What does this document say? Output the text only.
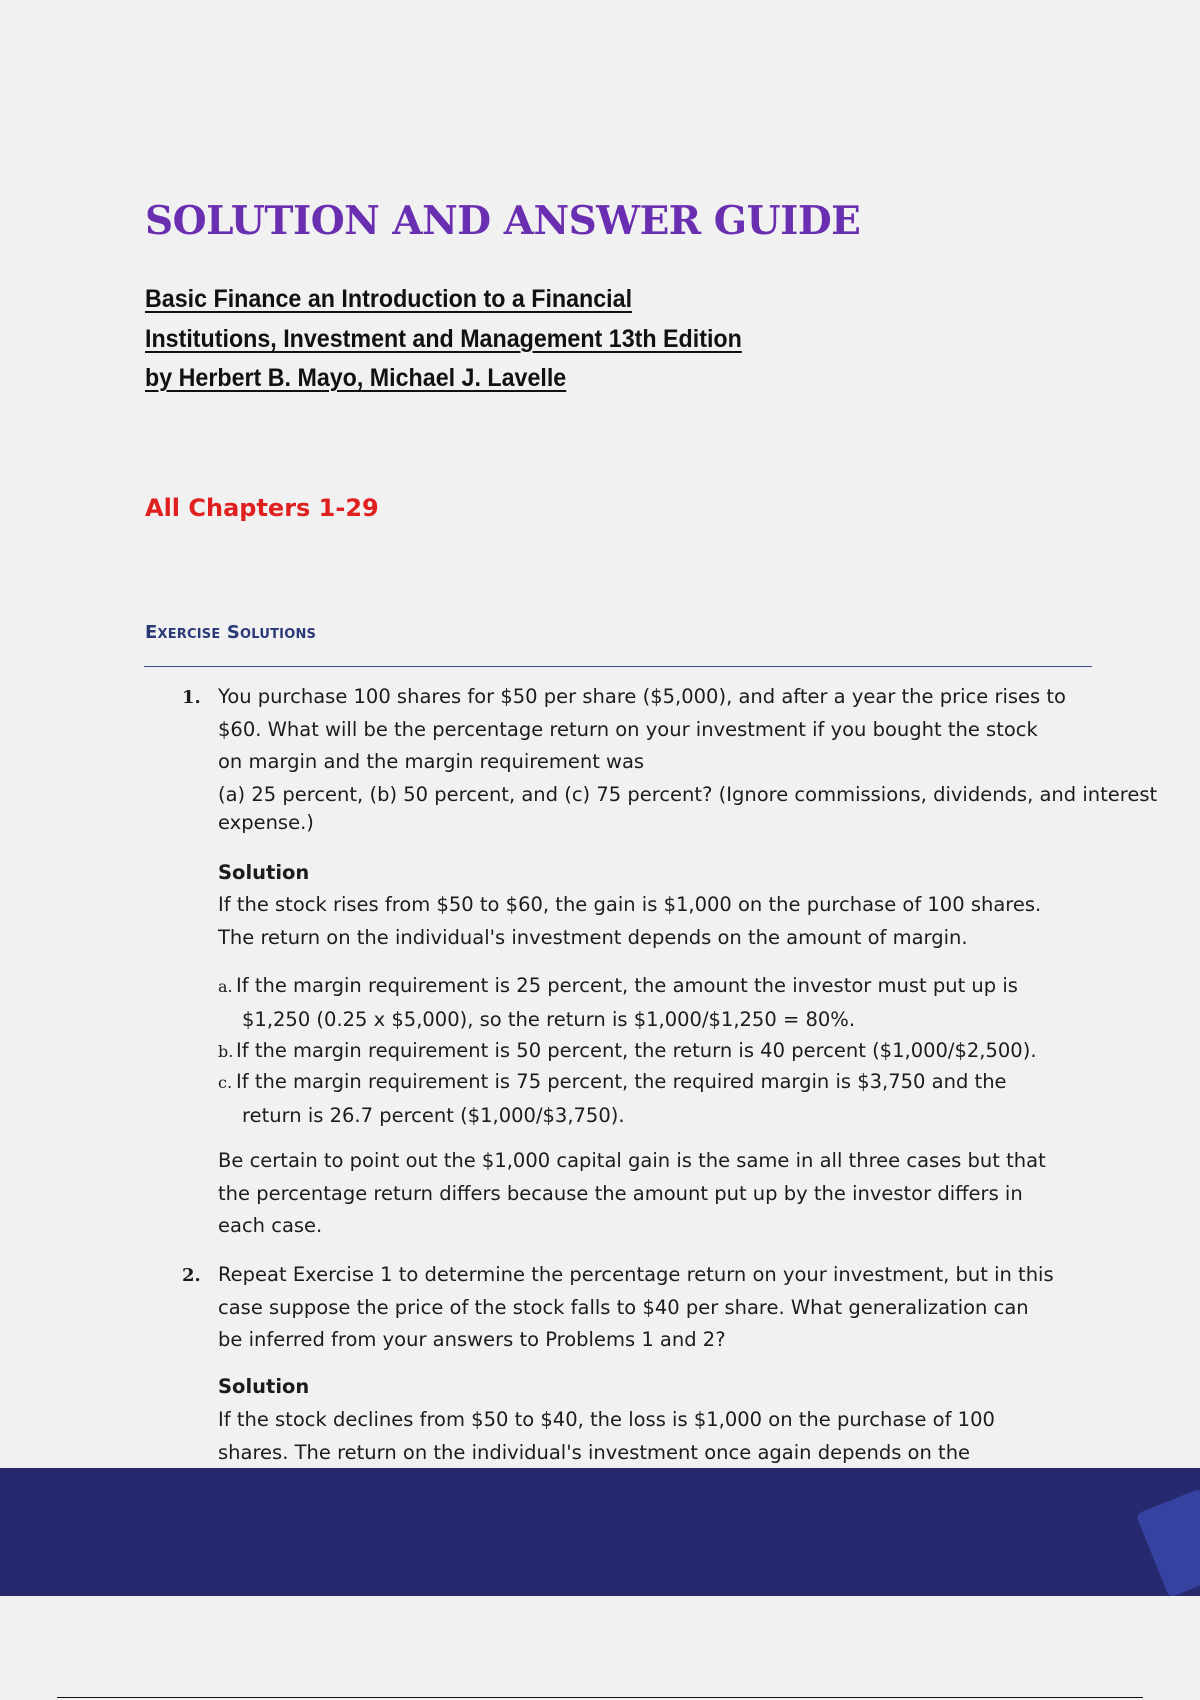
SOLUTION AND ANSWER GUIDE
Basic Finance an Introduction to a Financial
Institutions, Investment and Management 13th Edition
by Herbert B. Mayo, Michael J. Lavelle
All Chapters 1-29
Exercise Solutions
1. You purchase 100 shares for $50 per share ($5,000), and after a year the price rises to
$60. What will be the percentage return on your investment if you bought the stock
on margin and the margin requirement was
(a) 25 percent, (b) 50 percent, and (c) 75 percent? (Ignore commissions, dividends, and interest
expense.)
Solution
If the stock rises from $50 to $60, the gain is $1,000 on the purchase of 100 shares.
The return on the individual's investment depends on the amount of margin.
a. If the margin requirement is 25 percent, the amount the investor must put up is
$1,250 (0.25 x $5,000), so the return is $1,000/$1,250 = 80%.
b. If the margin requirement is 50 percent, the return is 40 percent ($1,000/$2,500).
c. If the margin requirement is 75 percent, the required margin is $3,750 and the
return is 26.7 percent ($1,000/$3,750).
Be certain to point out the $1,000 capital gain is the same in all three cases but that
the percentage return differs because the amount put up by the investor differs in
each case.
2. Repeat Exercise 1 to determine the percentage return on your investment, but in this
case suppose the price of the stock falls to $40 per share. What generalization can
be inferred from your answers to Problems 1 and 2?
Solution
If the stock declines from $50 to $40, the loss is $1,000 on the purchase of 100
shares. The return on the individual's investment once again depends on the
